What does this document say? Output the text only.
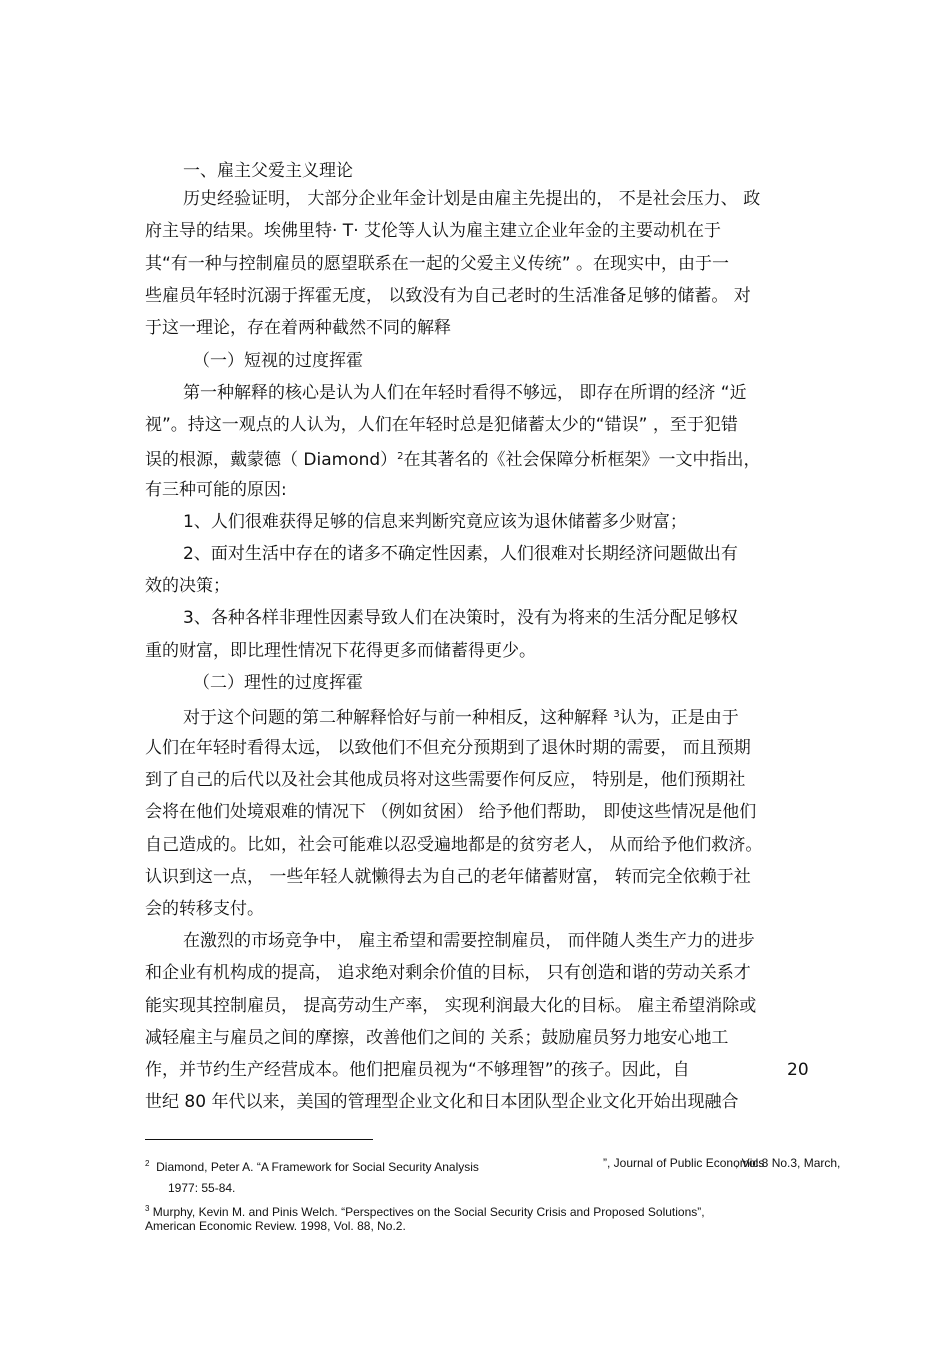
一、雇主父爱主义理论
历史经验证明， 大部分企业年金计划是由雇主先提出的， 不是社会压力、 政
府主导的结果。埃佛里特· T· 艾伦等人认为雇主建立企业年金的主要动机在于
其“有一种与控制雇员的愿望联系在一起的父爱主义传统” 。在现实中，由于一
些雇员年轻时沉溺于挥霍无度， 以致没有为自己老时的生活准备足够的储蓄。 对
于这一理论，存在着两种截然不同的解释
（一）短视的过度挥霍
第一种解释的核心是认为人们在年轻时看得不够远， 即存在所谓的经济 “近
视”。持这一观点的人认为，人们在年轻时总是犯储蓄太少的“错误” ，至于犯错
误的根源，戴蒙德（ Diamond）$^2$在其著名的《社会保障分析框架》一文中指出，
有三种可能的原因:
1、人们很难获得足够的信息来判断究竟应该为退休储蓄多少财富；
2、面对生活中存在的诸多不确定性因素，人们很难对长期经济问题做出有
效的决策；
3、各种各样非理性因素导致人们在决策时，没有为将来的生活分配足够权
重的财富，即比理性情况下花得更多而储蓄得更少。
（二）理性的过度挥霍
对于这个问题的第二种解释恰好与前一种相反，这种解释 $^3$认为，正是由于
人们在年轻时看得太远， 以致他们不但充分预期到了退休时期的需要， 而且预期
到了自己的后代以及社会其他成员将对这些需要作何反应， 特别是，他们预期社
会将在他们处境艰难的情况下 （例如贫困） 给予他们帮助， 即使这些情况是他们
自己造成的。比如，社会可能难以忍受遍地都是的贫穷老人， 从而给予他们救济。
认识到这一点， 一些年轻人就懒得去为自己的老年储蓄财富， 转而完全依赖于社
会的转移支付。
在激烈的市场竞争中， 雇主希望和需要控制雇员， 而伴随人类生产力的进步
和企业有机构成的提高， 追求绝对剩余价值的目标， 只有创造和谐的劳动关系才
能实现其控制雇员， 提高劳动生产率， 实现利润最大化的目标。 雇主希望消除或
减轻雇主与雇员之间的摩擦，改善他们之间的 关系；鼓励雇员努力地安心地工
作，并节约生产经营成本。他们把雇员视为“不够理智”的孩子。因此，自	20
世纪 80 年代以来，美国的管理型企业文化和日本团队型企业文化开始出现融合
$^2$ Diamond, Peter A. “A Framework for Social Security Analysis	”, Journal of Public Economics
, Vol.8 No.3, March,
1977: 55-84.
$^3$ Murphy, Kevin M. and Pinis Welch. “Perspectives on the Social Security Crisis and Proposed Solutions”,
American Economic Review. 1998, Vol. 88, No.2.
